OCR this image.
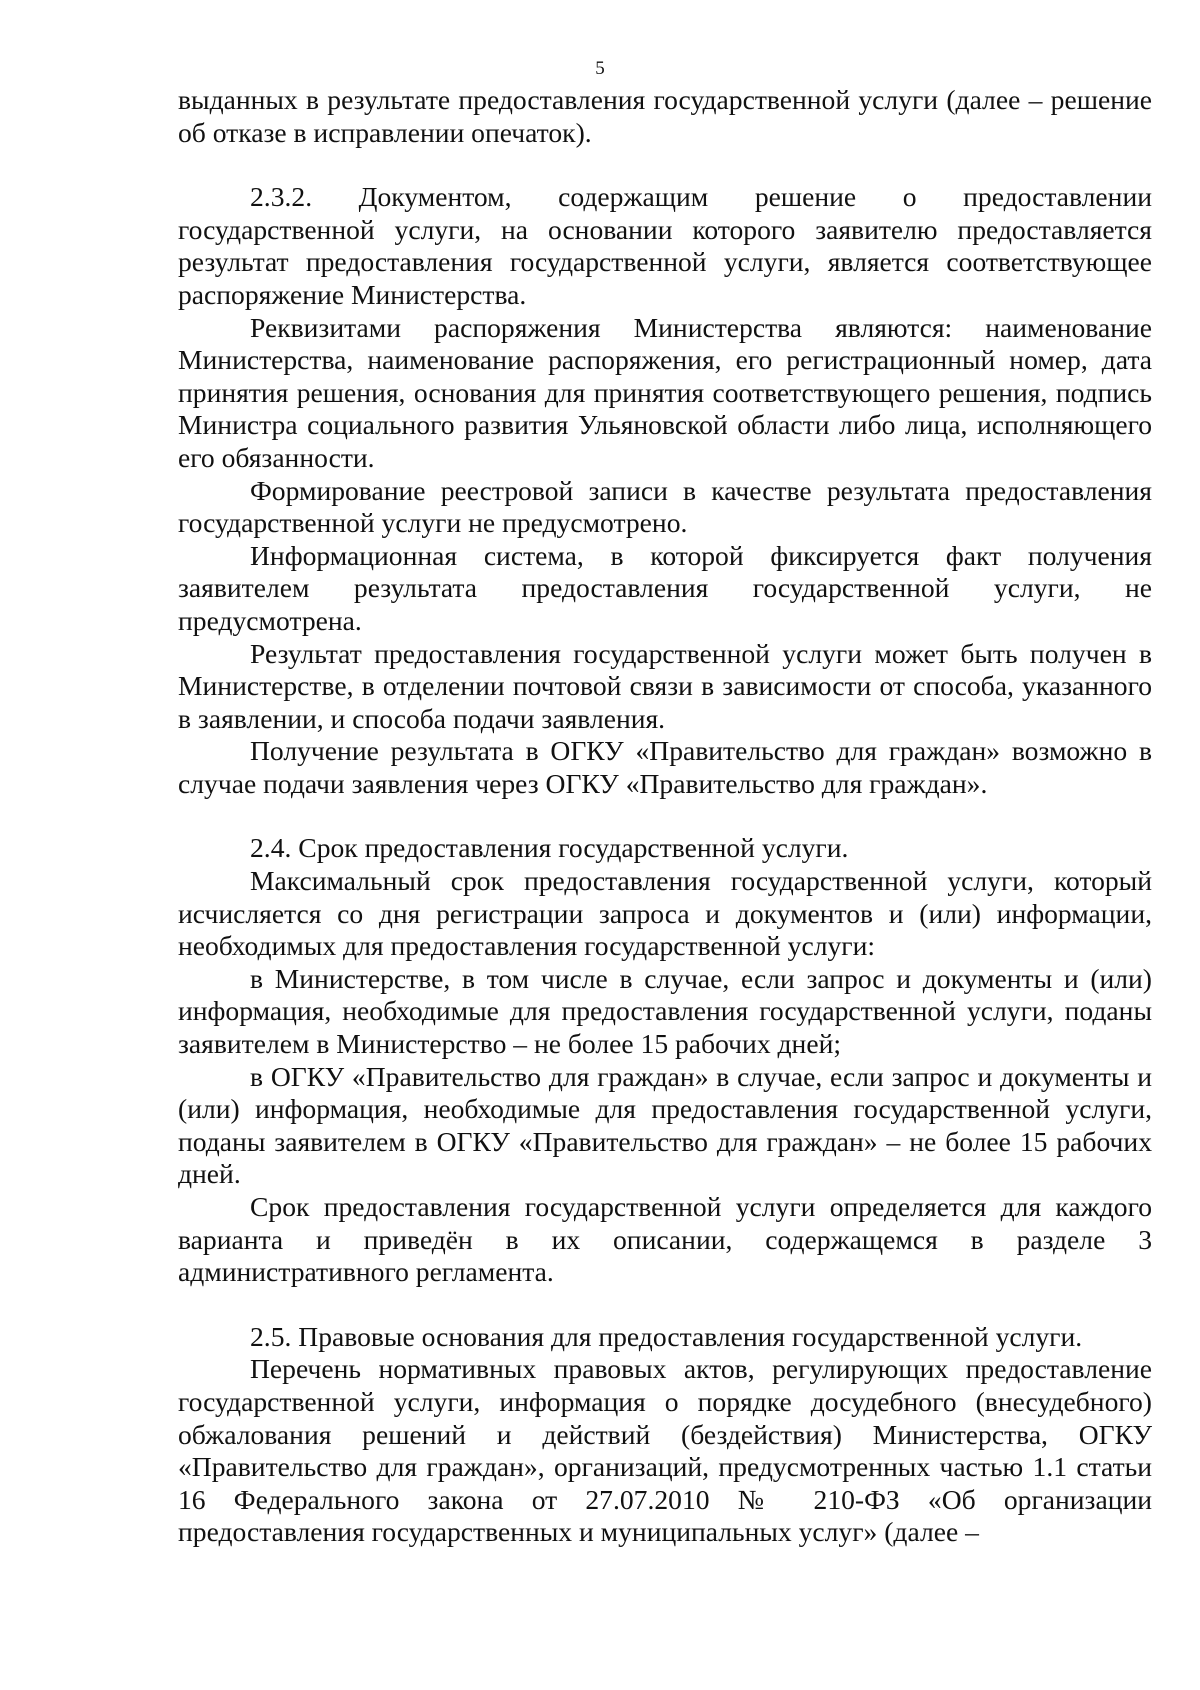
5

выданных в результате предоставления государственной услуги (далее – решение об отказе в исправлении опечаток).

2.3.2. Документом, содержащим решение о предоставлении государственной услуги, на основании которого заявителю предоставляется результат предоставления государственной услуги, является соответствующее распоряжение Министерства.

Реквизитами распоряжения Министерства являются: наименование Министерства, наименование распоряжения, его регистрационный номер, дата принятия решения, основания для принятия соответствующего решения, подпись Министра социального развития Ульяновской области либо лица, исполняющего его обязанности.

Формирование реестровой записи в качестве результата предоставления государственной услуги не предусмотрено.

Информационная система, в которой фиксируется факт получения заявителем результата предоставления государственной услуги, не предусмотрена.

Результат предоставления государственной услуги может быть получен в Министерстве, в отделении почтовой связи в зависимости от способа, указанного в заявлении, и способа подачи заявления.

Получение результата в ОГКУ «Правительство для граждан» возможно в случае подачи заявления через ОГКУ «Правительство для граждан».

2.4. Срок предоставления государственной услуги.

Максимальный срок предоставления государственной услуги, который исчисляется со дня регистрации запроса и документов и (или) информации, необходимых для предоставления государственной услуги:

в Министерстве, в том числе в случае, если запрос и документы и (или) информация, необходимые для предоставления государственной услуги, поданы заявителем в Министерство – не более 15 рабочих дней;

в ОГКУ «Правительство для граждан» в случае, если запрос и документы и (или) информация, необходимые для предоставления государственной услуги, поданы заявителем в ОГКУ «Правительство для граждан» – не более 15 рабочих дней.

Срок предоставления государственной услуги определяется для каждого варианта и приведён в их описании, содержащемся в разделе 3 административного регламента.

2.5. Правовые основания для предоставления государственной услуги.

Перечень нормативных правовых актов, регулирующих предоставление государственной услуги, информация о порядке досудебного (внесудебного) обжалования решений и действий (бездействия) Министерства, ОГКУ «Правительство для граждан», организаций, предусмотренных частью 1.1 статьи 16 Федерального закона от 27.07.2010 № 210-ФЗ «Об организации предоставления государственных и муниципальных услуг» (далее –
